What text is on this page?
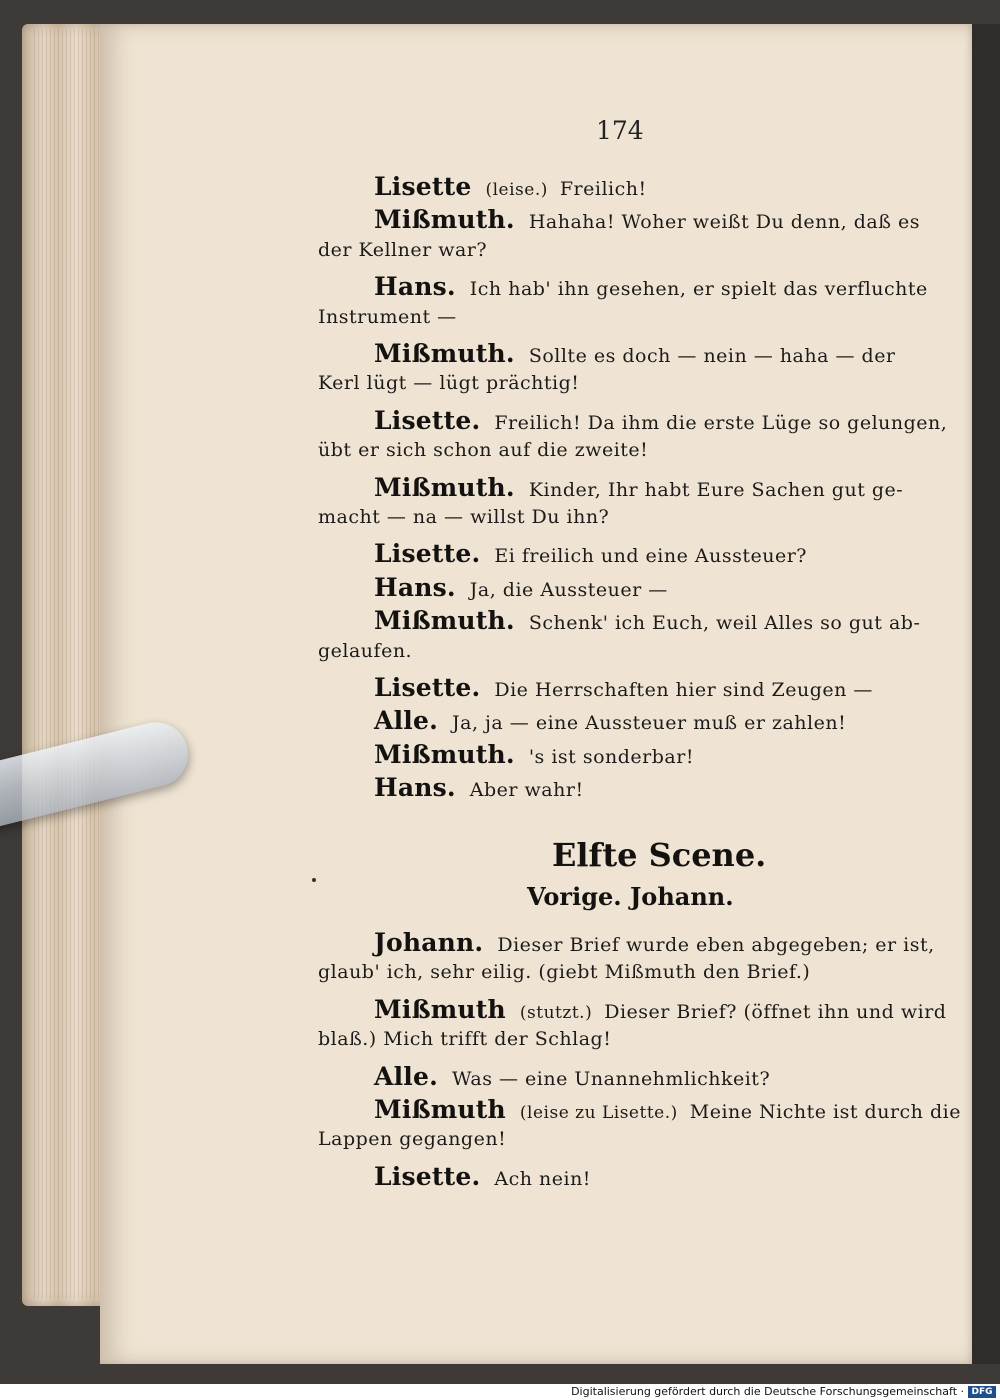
174
Lisette (leise.) Freilich!
Mißmuth. Hahaha! Woher weißt Du denn, daß es
der Kellner war?
Hans. Ich hab' ihn gesehen, er spielt das verfluchte
Instrument —
Mißmuth. Sollte es doch — nein — haha — der
Kerl lügt — lügt prächtig!
Lisette. Freilich! Da ihm die erste Lüge so gelungen,
übt er sich schon auf die zweite!
Mißmuth. Kinder, Ihr habt Eure Sachen gut ge-
macht — na — willst Du ihn?
Lisette. Ei freilich und eine Aussteuer?
Hans. Ja, die Aussteuer —
Mißmuth. Schenk' ich Euch, weil Alles so gut ab-
gelaufen.
Lisette. Die Herrschaften hier sind Zeugen —
Alle. Ja, ja — eine Aussteuer muß er zahlen!
Mißmuth. 's ist sonderbar!
Hans. Aber wahr!
Johann. Dieser Brief wurde eben abgegeben; er ist,
glaub' ich, sehr eilig. (giebt Mißmuth den Brief.)
Mißmuth (stutzt.) Dieser Brief? (öffnet ihn und wird
blaß.) Mich trifft der Schlag!
Alle. Was — eine Unannehmlichkeit?
Mißmuth (leise zu Lisette.) Meine Nichte ist durch die
Lappen gegangen!
Lisette. Ach nein!
Elfte Scene.
Vorige. Johann.
Digitalisierung gefördert durch die Deutsche Forschungsgemeinschaft · DFG
